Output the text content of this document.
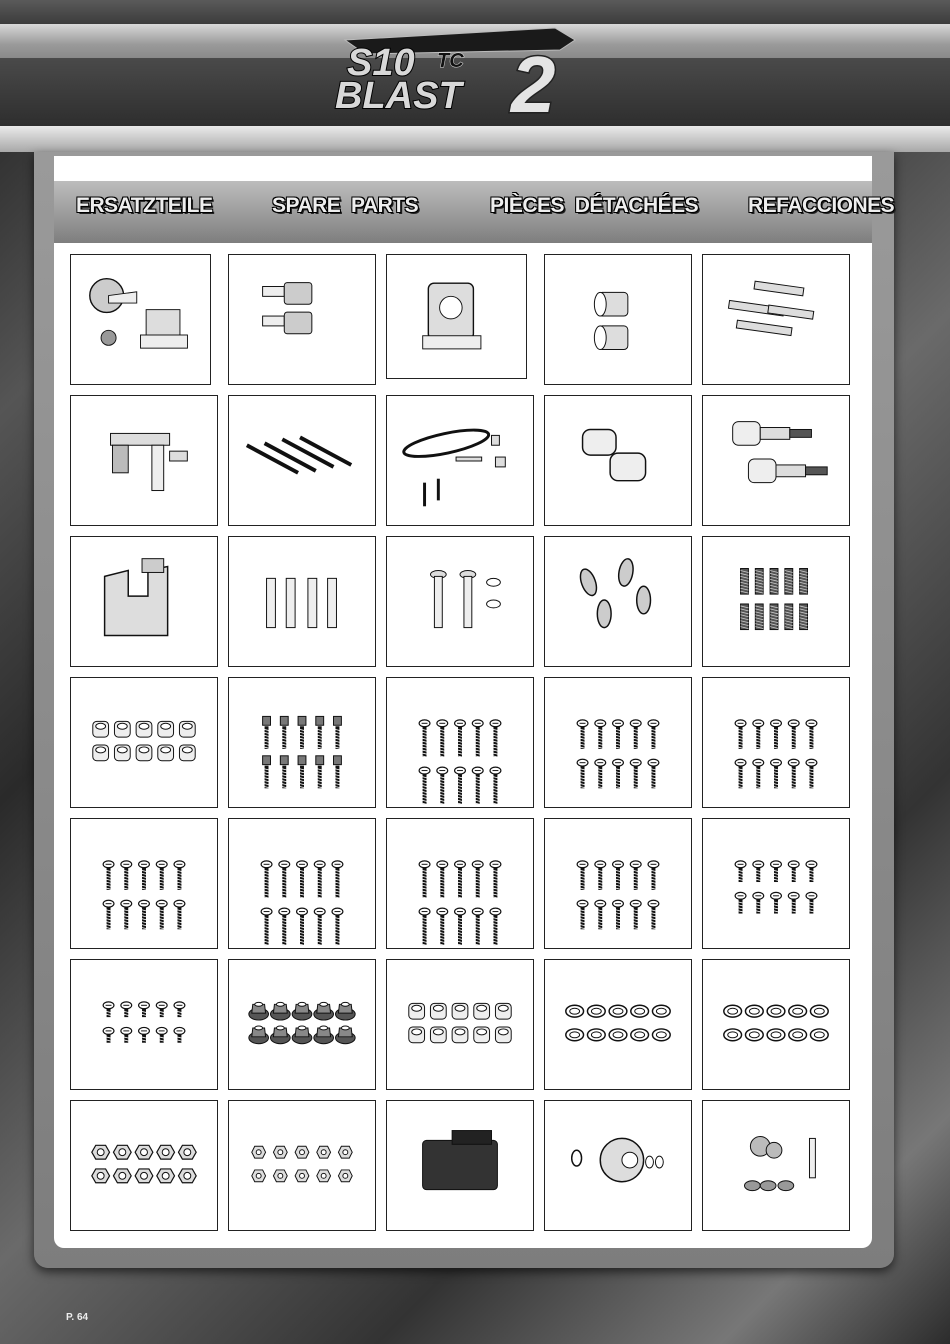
S10 TC
BLAST 2
ERSATZTEILE	SPARE  PARTS	PIÈCES  DÉTACHÉES REFACCIONES
P. 64
